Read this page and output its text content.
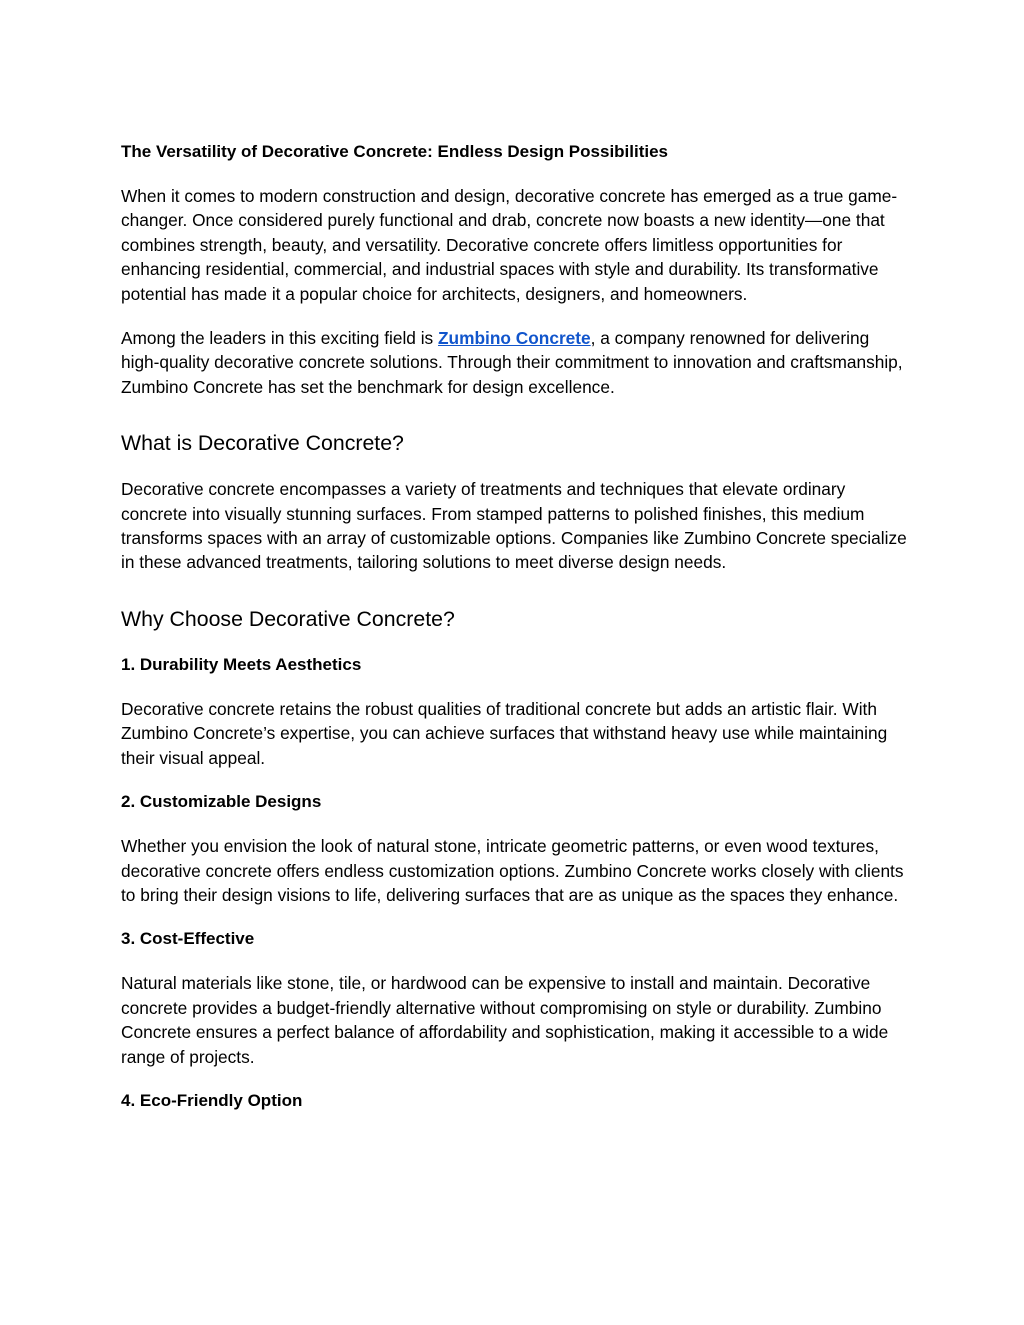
The Versatility of Decorative Concrete: Endless Design Possibilities

When it comes to modern construction and design, decorative concrete has emerged as a true game-changer. Once considered purely functional and drab, concrete now boasts a new identity—one that combines strength, beauty, and versatility. Decorative concrete offers limitless opportunities for enhancing residential, commercial, and industrial spaces with style and durability. Its transformative potential has made it a popular choice for architects, designers, and homeowners.

Among the leaders in this exciting field is Zumbino Concrete, a company renowned for delivering high-quality decorative concrete solutions. Through their commitment to innovation and craftsmanship, Zumbino Concrete has set the benchmark for design excellence.

What is Decorative Concrete?

Decorative concrete encompasses a variety of treatments and techniques that elevate ordinary concrete into visually stunning surfaces. From stamped patterns to polished finishes, this medium transforms spaces with an array of customizable options. Companies like Zumbino Concrete specialize in these advanced treatments, tailoring solutions to meet diverse design needs.

Why Choose Decorative Concrete?
1. Durability Meets Aesthetics

Decorative concrete retains the robust qualities of traditional concrete but adds an artistic flair. With Zumbino Concrete’s expertise, you can achieve surfaces that withstand heavy use while maintaining their visual appeal.

2. Customizable Designs

Whether you envision the look of natural stone, intricate geometric patterns, or even wood textures, decorative concrete offers endless customization options. Zumbino Concrete works closely with clients to bring their design visions to life, delivering surfaces that are as unique as the spaces they enhance.

3. Cost-Effective

Natural materials like stone, tile, or hardwood can be expensive to install and maintain. Decorative concrete provides a budget-friendly alternative without compromising on style or durability. Zumbino Concrete ensures a perfect balance of affordability and sophistication, making it accessible to a wide range of projects.

4. Eco-Friendly Option
